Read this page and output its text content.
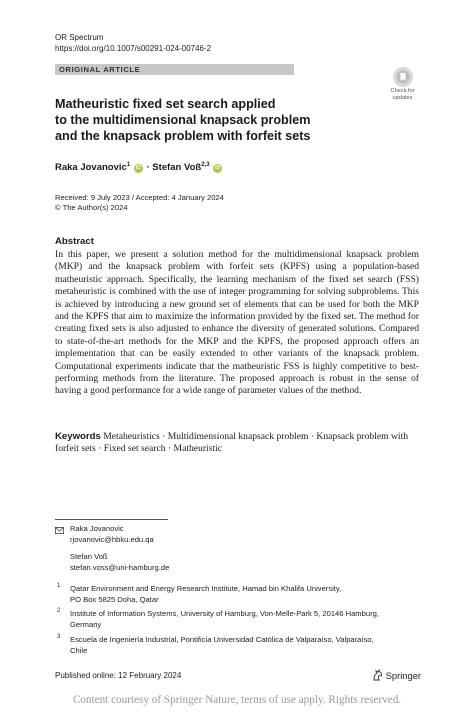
OR Spectrum
https://doi.org/10.1007/s00291-024-00746-2
ORIGINAL ARTICLE
Check for
updates
Matheuristic fixed set search applied
to the multidimensional knapsack problem
and the knapsack problem with forfeit sets
Raka Jovanovic$^1$ iD · Stefan Voß$^{2,3}$ iD
Received: 9 July 2023 / Accepted: 4 January 2024
© The Author(s) 2024
Abstract
In this paper, we present a solution method for the multidimensional knapsack problem (MKP) and the knapsack problem with forfeit sets (KPFS) using a population-based matheuristic approach. Specifically, the learning mechanism of the fixed set search (FSS) metaheuristic is combined with the use of integer programming for solving subproblems. This is achieved by introducing a new ground set of elements that can be used for both the MKP and the KPFS that aim to maximize the information provided by the fixed set. The method for creating fixed sets is also adjusted to enhance the diversity of generated solutions. Compared to state-of-the-art methods for the MKP and the KPFS, the proposed approach offers an implementation that can be easily extended to other variants of the knapsack problem. Computational experiments indicate that the matheuristic FSS is highly competitive to best-performing methods from the literature. The proposed approach is robust in the sense of having a good performance for a wide range of parameter values of the method.
Keywords Metaheuristics · Multidimensional knapsack problem · Knapsack problem with forfeit sets · Fixed set search · Matheuristic
Raka Jovanovic
rjovanovic@hbku.edu.qa
Stefan Voß
stefan.voss@uni-hamburg.de
1 Qatar Environment and Energy Research Institute, Hamad bin Khalifa University,
PO Box 5825 Doha, Qatar
2 Institute of Information Systems, University of Hamburg, Von-Melle-Park 5, 20146 Hamburg,
Germany
3 Escuela de Ingeniería Industrial, Pontificia Universidad Católica de Valparaíso, Valparaíso,
Chile
Published online: 12 February 2024	Springer
Content courtesy of Springer Nature, terms of use apply. Rights reserved.
